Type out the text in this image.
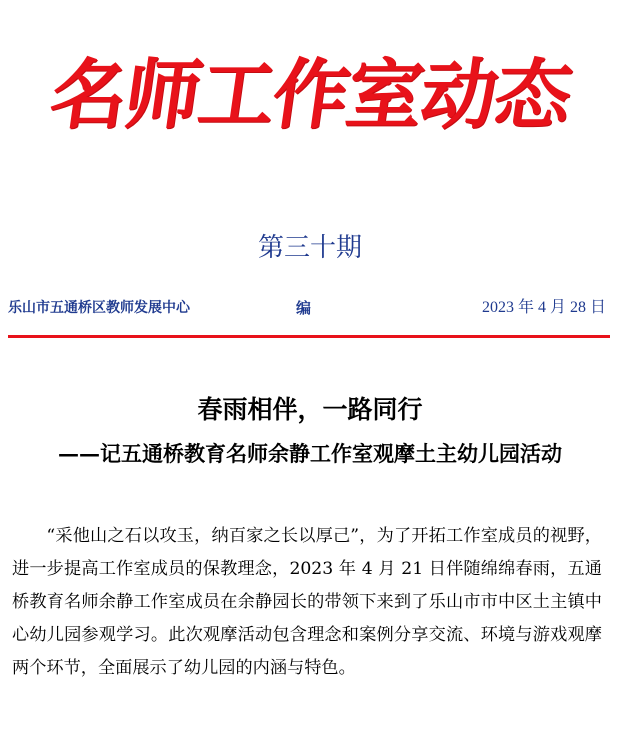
名师工作室动态
第三十期
乐山市五通桥区教师发展中心	编	2023 年 4 月 28 日
春雨相伴，一路同行
——记五通桥教育名师余静工作室观摩土主幼儿园活动
“采他山之石以攻玉，纳百家之长以厚己”，为了开拓工作室成员的视野，进一步提高工作室成员的保教理念，2023 年 4 月 21 日伴随绵绵春雨，五通桥教育名师余静工作室成员在余静园长的带领下来到了乐山市市中区土主镇中心幼儿园参观学习。此次观摩活动包含理念和案例分享交流、环境与游戏观摩两个环节，全面展示了幼儿园的内涵与特色。
